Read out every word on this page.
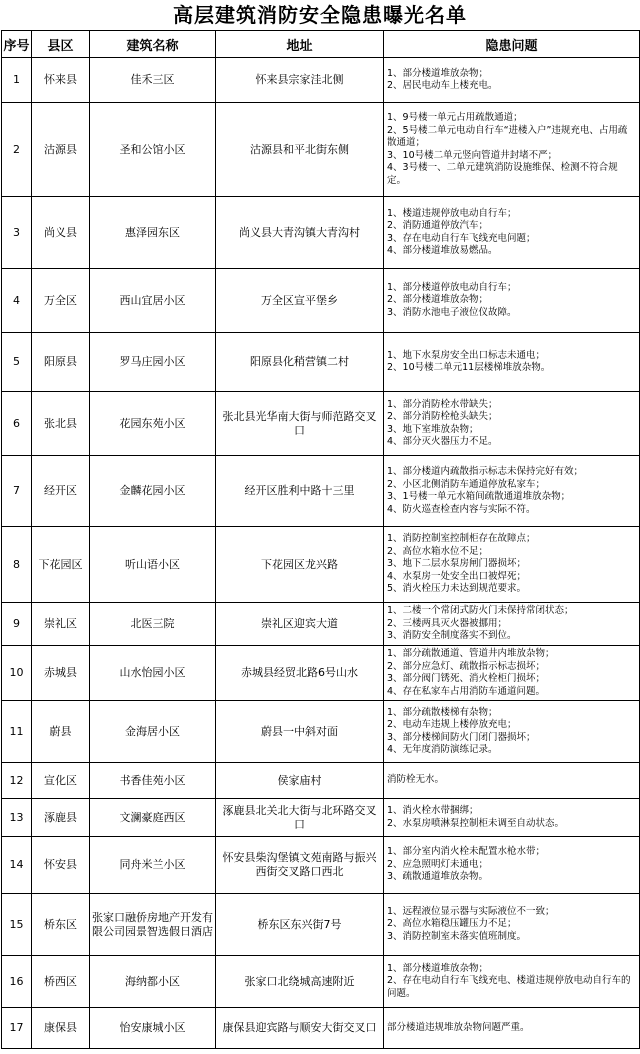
高层建筑消防安全隐患曝光名单
序号	县区	建筑名称	地址	隐患问题
1	怀来县	佳禾三区	怀来县宗家洼北侧	1、部分楼道堆放杂物；
2、居民电动车上楼充电。

2	沽源县	圣和公馆小区	沽源县和平北街东侧	1、9号楼一单元占用疏散通道；
2、5号楼二单元电动自行车“进楼入户”违规充电、占用疏散通道；
3、10号楼二单元竖向管道井封堵不严；
4、3号楼一、二单元建筑消防设施维保、检测不符合规定。

3	尚义县	惠泽园东区	尚义县大青沟镇大青沟村	1、楼道违规停放电动自行车；
2、消防通道停放汽车；
3、存在电动自行车飞线充电问题；
4、部分楼道堆放易燃品。

4	万全区	西山宜居小区	万全区宣平堡乡	1、部分楼道停放电动自行车；
2、部分楼道堆放杂物；
3、消防水池电子液位仪故障。

5	阳原县	罗马庄园小区	阳原县化稍营镇二村	1、地下水泵房安全出口标志未通电；
2、10号楼二单元11层楼梯堆放杂物。

6	张北县	花园东苑小区	张北县光华南大街与师范路交叉口	1、部分消防栓水带缺失；
2、部分消防栓枪头缺失；
3、地下室堆放杂物；
4、部分灭火器压力不足。

7	经开区	金麟花园小区	经开区胜利中路十三里	1、部分楼道内疏散指示标志未保持完好有效；
2、小区北侧消防车通道停放私家车；
3、1号楼一单元水箱间疏散通道堆放杂物；
4、防火巡查检查内容与实际不符。

8	下花园区	听山语小区	下花园区龙兴路	1、消防控制室控制柜存在故障点；
2、高位水箱水位不足；
3、地下二层水泵房闸门器损坏；
4、水泵房一处安全出口被焊死；
5、消火栓压力未达到规范要求。

9	崇礼区	北医三院	崇礼区迎宾大道	1、二楼一个常闭式防火门未保持常闭状态；
2、三楼两具灭火器被挪用；
3、消防安全制度落实不到位。

10	赤城县	山水怡园小区	赤城县经贸北路6号山水	1、部分疏散通道、管道井内堆放杂物；
2、部分应急灯、疏散指示标志损坏；
3、部分阀门锈死、消火栓柜门损坏；
4、存在私家车占用消防车通道问题。

11	蔚县	金海居小区	蔚县一中斜对面	1、部分疏散楼梯有杂物；
2、电动车违规上楼停放充电；
3、部分楼梯间防火门闭门器损坏；
4、无年度消防演练记录。

12	宣化区	书香佳苑小区	侯家庙村	消防栓无水。

13	涿鹿县	文澜豪庭西区	涿鹿县北关北大街与北环路交叉口	1、消火栓水带捆绑；
2、水泵房喷淋泵控制柜未调至自动状态。

14	怀安县	同舟米兰小区	怀安县柴沟堡镇文苑南路与振兴西街交叉路口西北	1、部分室内消火栓未配置水枪水带；
2、应急照明灯未通电；
3、疏散通道堆放杂物。

15	桥东区	张家口融侨房地产开发有限公司园景智选假日酒店	桥东区东兴街7号	1、远程液位显示器与实际液位不一致；
2、高位水箱稳压罐压力不足；
3、消防控制室未落实值班制度。

16	桥西区	海纳都小区	张家口北绕城高速附近	1、部分楼道堆放杂物；
2、存在电动自行车飞线充电、楼道违规停放电动自行车的问题。

17	康保县	怡安康城小区	康保县迎宾路与顺安大街交叉口	部分楼道违规堆放杂物问题严重。
